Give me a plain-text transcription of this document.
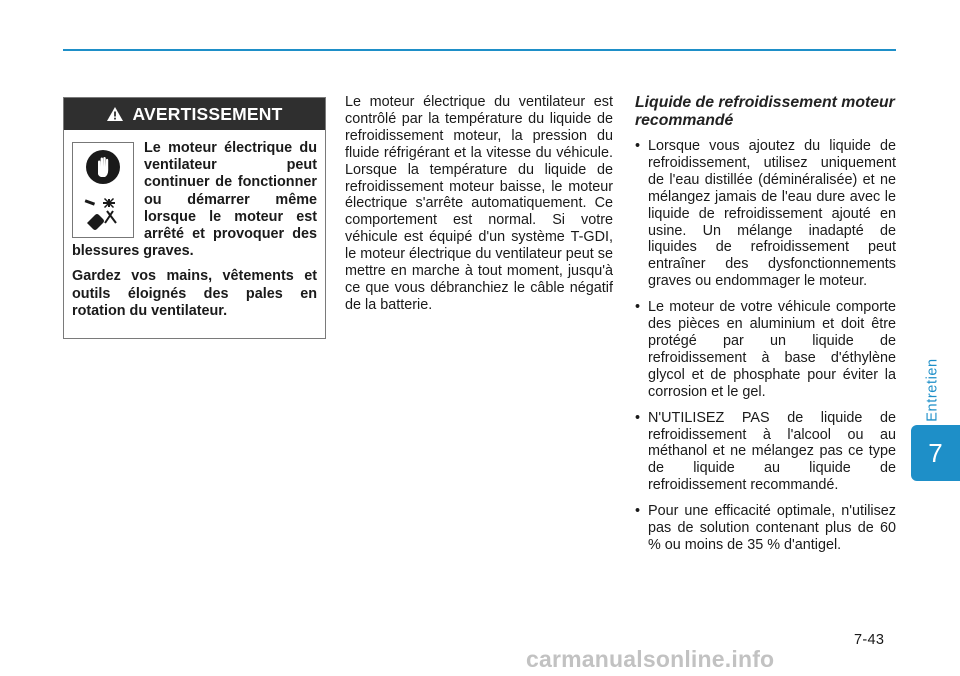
AVERTISSEMENT

Le moteur électrique du ventilateur peut continuer de fonctionner ou démarrer même lorsque le moteur est arrêté et provoquer des blessures graves.

Gardez vos mains, vêtements et outils éloignés des pales en rotation du ventilateur.

Le moteur électrique du ventilateur est contrôlé par la température du liquide de refroidissement moteur, la pression du fluide réfrigérant et la vitesse du véhicule. Lorsque la température du liquide de refroidissement moteur baisse, le moteur électrique s'arrête automatiquement. Ce comportement est normal. Si votre véhicule est équipé d'un système T-GDI, le moteur électrique du ventilateur peut se mettre en marche à tout moment, jusqu'à ce que vous débranchiez le câble négatif de la batterie.
Liquide de refroidissement moteur recommandé
• Lorsque vous ajoutez du liquide de refroidissement, utilisez uniquement de l'eau distillée (déminéralisée) et ne mélangez jamais de l'eau dure avec le liquide de refroidissement ajouté en usine. Un mélange inadapté de liquides de refroidissement peut entraîner des dysfonctionnements graves ou endommager le moteur.
• Le moteur de votre véhicule comporte des pièces en aluminium et doit être protégé par un liquide de refroidissement à base d'éthylène glycol et de phosphate pour éviter la corrosion et le gel.
• N'UTILISEZ PAS de liquide de refroidissement à l'alcool ou au méthanol et ne mélangez pas ce type de liquide au liquide de refroidissement recommandé.
• Pour une efficacité optimale, n'utilisez pas de solution contenant plus de 60 % ou moins de 35 % d'antigel.
Entretien
7
7-43
carmanualsonline.info
